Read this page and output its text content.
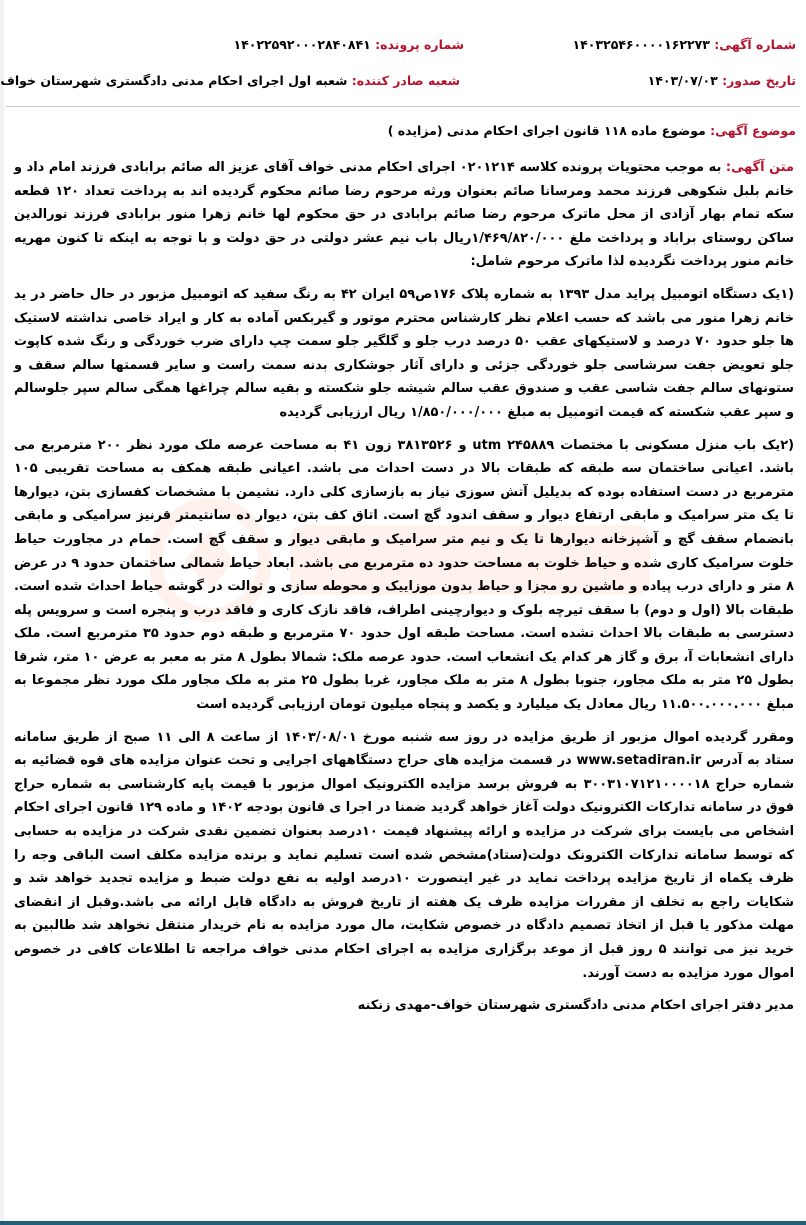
شماره آگهی: ۱۴۰۳۲۵۴۶۰۰۰۰۱۶۲۲۷۳
شماره پرونده: ۱۴۰۲۲۵۹۲۰۰۰۲۸۴۰۸۴۱
تاریخ صدور: ۱۴۰۳/۰۷/۰۳
شعبه صادر کننده: شعبه اول اجرای احکام مدنی دادگستری شهرستان خواف
موضوع آگهی: موضوع ماده ۱۱۸ قانون اجرای احکام مدنی (مزایده )

متن آگهی: به موجب محتویات پرونده کلاسه ۰۲۰۱۲۱۴ اجرای احکام مدنی خواف آقای عزیز اله صائم برابادی فرزند امام داد و خانم بلبل شکوهی فرزند محمد ومرسانا صائم بعنوان ورثه مرحوم رضا صائم محکوم گردیده اند به پرداخت تعداد ۱۲۰ قطعه سکه تمام بهار آزادی از محل ماترک مرحوم رضا صائم برابادی در حق محکوم لها خانم زهرا منور برابادی فرزند نورالدین ساکن روستای براباد و پرداخت ملغ ۱/۴۶۹/۸۲۰/۰۰۰ریال باب نیم عشر دولتی در حق دولت و با توجه به اینکه تا کنون مهریه خانم منور پرداخت نگردیده لذا ماترک مرحوم شامل:

(۱یک دستگاه اتومبیل پراید مدل ۱۳۹۳ به شماره پلاک ۱۷۶ص۵۹ ایران ۴۲ به رنگ سفید که اتومبیل مزبور در حال حاضر در ید خانم زهرا منور می باشد که حسب اعلام نظر کارشناس محترم موتور و گیربکس آماده به کار و ایراد خاصی نداشته لاستیک ها جلو حدود ۷۰ درصد و لاستیکهای عقب ۵۰ درصد درب جلو و گلگیر جلو سمت چپ دارای ضرب خوردگی و رنگ شده کاپوت جلو تعویض جفت سرشاسی جلو خوردگی جزئی و دارای آثار جوشکاری بدنه سمت راست و سایر قسمتها سالم سقف و ستونهای سالم جفت شاسی عقب و صندوق عقب سالم شیشه جلو شکسته و بقیه سالم چراغها همگی سالم سپر جلوسالم و سپر عقب شکسته که قیمت اتومبیل به مبلغ ۱/۸۵۰/۰۰۰/۰۰۰ ریال ارزیابی گردیده

(۲یک باب منزل مسکونی با مختصات utm ۲۴۵۸۸۹ و ۳۸۱۳۵۲۶ زون ۴۱ به مساحت عرصه ملک مورد نظر ۲۰۰ مترمربع می باشد. اعیانی ساختمان سه طبقه که طبقات بالا در دست احداث می باشد. اعیانی طبقه همکف به مساحت تقریبی ۱۰۵ مترمربع در دست استفاده بوده که بدیلیل آتش سوزی نیاز به بازسازی کلی دارد. نشیمن با مشخصات کفسازی بتن، دیوارها تا یک متر سرامیک و مابقی ارتفاع دیوار و سقف اندود گچ است. اتاق کف بتن، دیوار ده سانتیمتر قرنیز سرامیکی و مابقی بانضمام سقف گچ و آشپزخانه دیوارها تا یک و نیم متر سرامیک و مابقی دیوار و سقف گچ است. حمام در مجاورت حیاط خلوت سرامیک کاری شده و حیاط خلوت به مساحت حدود ده مترمربع می باشد. ابعاد حیاط شمالی ساختمان حدود ۹ در عرض ۸ متر و دارای درب پیاده و ماشین رو مجزا و حیاط بدون موزاییک و محوطه سازی و توالت در گوشه حیاط احداث شده است. طبقات بالا (اول و دوم) با سقف تیرچه بلوک و دیوارچینی اطراف، فاقد نازک کاری و فاقد درب و پنجره است و سرویس پله دسترسی به طبقات بالا احداث نشده است. مساحت طبقه اول حدود ۷۰ مترمربع و طبقه دوم حدود ۳۵ مترمربع است. ملک دارای انشعابات آ، برق و گاز هر کدام یک انشعاب است. حدود عرصه ملک: شمالا بطول ۸ متر به معبر به عرض ۱۰ متر، شرقا بطول ۲۵ متر به ملک مجاور، جنوبا بطول ۸ متر به ملک مجاور، غربا بطول ۲۵ متر به ملک مجاور ملک مورد نظر مجموعا به مبلغ ۱۱.۵۰۰.۰۰۰.۰۰۰ ریال معادل یک میلیارد و یکصد و پنجاه میلیون تومان ارزیابی گردیده است

ومقرر گردیده اموال مزبور از طریق مزایده در روز سه شنبه مورخ ۱۴۰۳/۰۸/۰۱ از ساعت ۸ الی ۱۱ صبح از طریق سامانه ستاد به آدرس www.setadiran.ir در قسمت مزایده های حراج دستگاههای اجرایی و تحت عنوان مزایده های قوه قضائیه به شماره حراج ۳۰۰۳۱۰۷۱۲۱۰۰۰۰۱۸ به فروش برسد مزایده الکترونیک اموال مزبور با قیمت پایه کارشناسی به شماره حراج فوق در سامانه تدارکات الکترونیک دولت آغاز خواهد گردید ضمنا در اجرا ی قانون بودجه ۱۴۰۲ و ماده ۱۲۹ قانون اجرای احکام اشخاص می بایست برای شرکت در مزایده و ارائه پیشنهاد قیمت ۱۰درصد بعنوان تضمین نقدی شرکت در مزایده به حسابی که توسط سامانه تدارکات الکترونک دولت(ستاد)مشخص شده است تسلیم نماید و برنده مزایده مکلف است الباقی وجه را ظرف یکماه از تاریخ مزایده پرداخت نماید در غیر اینصورت ۱۰درصد اولیه به نفع دولت ضبط و مزایده تجدید خواهد شد و شکایات راجع به تخلف از مقررات مزایده ظرف یک هفته از تاریخ فروش به دادگاه قابل ارائه می باشد.وقبل از انقضای مهلت مذکور یا قبل از اتخاذ تصمیم دادگاه در خصوص شکایت، مال مورد مزایده به نام خریدار منتقل نخواهد شد طالبین به خرید نیز می توانند ۵ روز قبل از موعد برگزاری مزایده به اجرای احکام مدنی خواف مراجعه تا اطلاعات کافی در خصوص اموال مورد مزایده به دست آورند.

مدیر دفتر اجرای احکام مدنی دادگستری شهرستان خواف-مهدی زنکنه
